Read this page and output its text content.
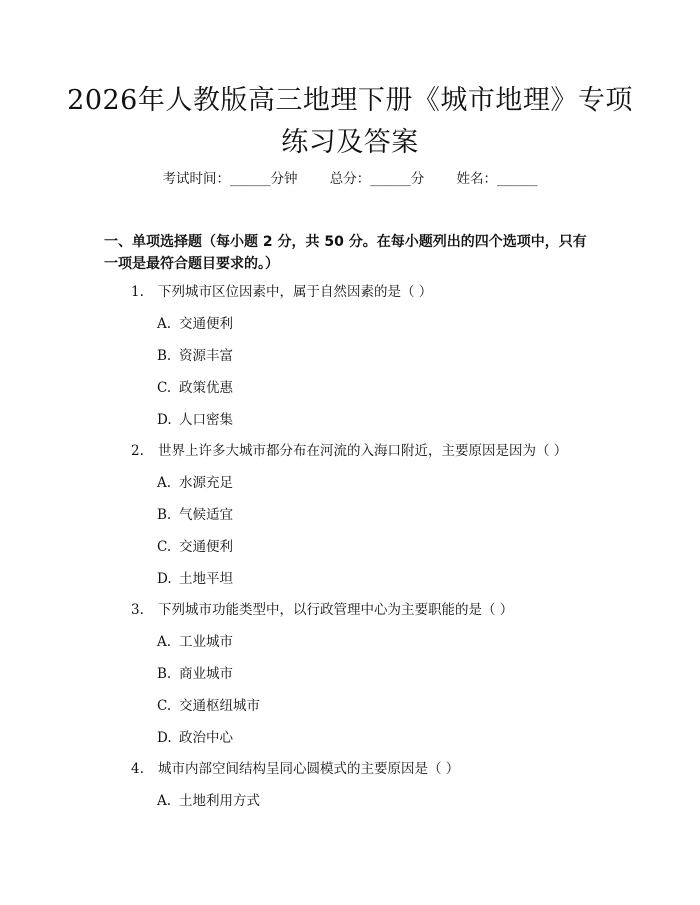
2026年人教版高三地理下册《城市地理》专项练习及答案
考试时间：______分钟 总分：______分 姓名：______
一、单项选择题（每小题 2 分，共 50 分。在每小题列出的四个选项中，只有一项是最符合题目要求的。）
1. 下列城市区位因素中，属于自然因素的是（ ）
A. 交通便利
B. 资源丰富
C. 政策优惠
D. 人口密集
2. 世界上许多大城市都分布在河流的入海口附近，主要原因是因为（ ）
A. 水源充足
B. 气候适宜
C. 交通便利
D. 土地平坦
3. 下列城市功能类型中，以行政管理中心为主要职能的是（ ）
A. 工业城市
B. 商业城市
C. 交通枢纽城市
D. 政治中心
4. 城市内部空间结构呈同心圆模式的主要原因是（ ）
A. 土地利用方式
